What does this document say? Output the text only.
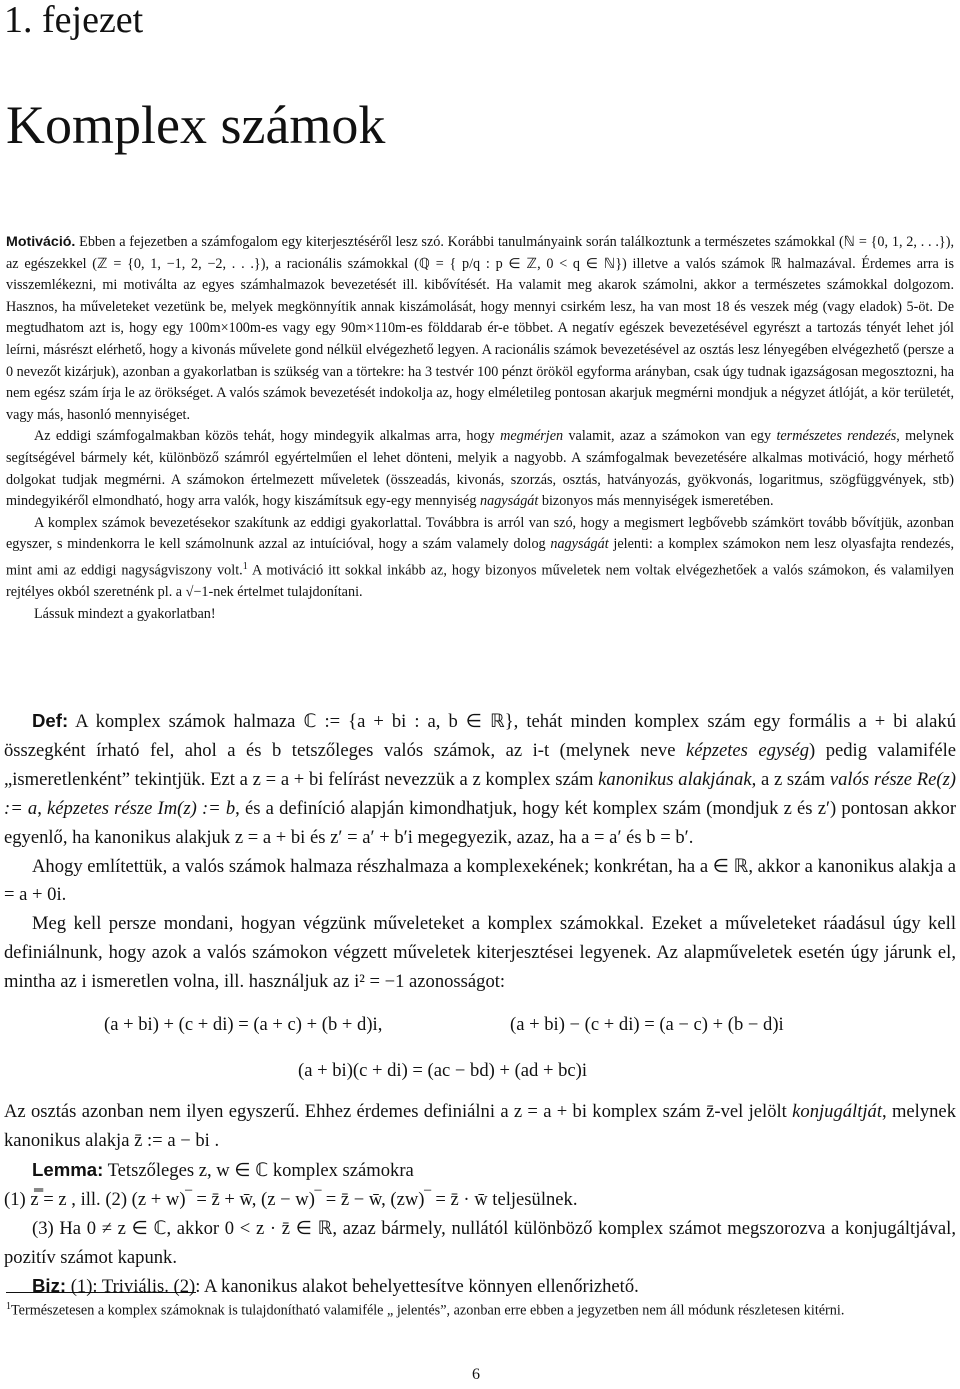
1. fejezet
Komplex számok

Motiváció. Ebben a fejezetben a számfogalom egy kiterjesztéséről lesz szó. Korábbi tanulmányaink során találkoztunk a természetes számokkal (ℕ = {0, 1, 2, . . .}), az egészekkel (ℤ = {0, 1, −1, 2, −2, . . .}), a racionális számokkal (ℚ = { p/q : p ∈ ℤ, 0 < q ∈ ℕ}) illetve a valós számok ℝ halmazával. Érdemes arra is visszemlékezni, mi motiválta az egyes számhalmazok bevezetését ill. kibővítését. Ha valamit meg akarok számolni, akkor a természetes számokkal dolgozom. Hasznos, ha műveleteket vezetünk be, melyek megkönnyítik annak kiszámolását, hogy mennyi csirkém lesz, ha van most 18 és veszek még (vagy eladok) 5-öt. De megtudhatom azt is, hogy egy 100m×100m-es vagy egy 90m×110m-es földdarab ér-e többet. A negatív egészek bevezetésével egyrészt a tartozás tényét lehet jól leírni, másrészt elérhető, hogy a kivonás művelete gond nélkül elvégezhető legyen. A racionális számok bevezetésével az osztás lesz lényegében elvégezhető (persze a 0 nevezőt kizárjuk), azonban a gyakorlatban is szükség van a törtekre: ha 3 testvér 100 pénzt örököl egyforma arányban, csak úgy tudnak igazságosan megosztozni, ha nem egész szám írja le az örökséget. A valós számok bevezetését indokolja az, hogy elméletileg pontosan akarjuk megmérni mondjuk a négyzet átlóját, a kör területét, vagy más, hasonló mennyiséget.

Az eddigi számfogalmakban közös tehát, hogy mindegyik alkalmas arra, hogy megmérjen valamit, azaz a számokon van egy természetes rendezés, melynek segítségével bármely két, különböző számról egyértelműen el lehet dönteni, melyik a nagyobb. A számfogalmak bevezetésére alkalmas motiváció, hogy mérhető dolgokat tudjak megmérni. A számokon értelmezett műveletek (összeadás, kivonás, szorzás, osztás, hatványozás, gyökvonás, logaritmus, szögfüggvények, stb) mindegyikéről elmondható, hogy arra valók, hogy kiszámítsuk egy-egy mennyiség nagyságát bizonyos más mennyiségek ismeretében.

A komplex számok bevezetésekor szakítunk az eddigi gyakorlattal. Továbbra is arról van szó, hogy a megismert legbővebb számkört tovább bővítjük, azonban egyszer, s mindenkorra le kell számolnunk azzal az intuícióval, hogy a szám valamely dolog nagyságát jelenti: a komplex számokon nem lesz olyasfajta rendezés, mint ami az eddigi nagyságviszony volt.$^1$ A motiváció itt sokkal inkább az, hogy bizonyos műveletek nem voltak elvégezhetőek a valós számokon, és valamilyen rejtélyes okból szeretnénk pl. a √−1-nek értelmet tulajdonítani.

Lássuk mindezt a gyakorlatban!

Def: A komplex számok halmaza ℂ := {a + bi : a, b ∈ ℝ}, tehát minden komplex szám egy formális a + bi alakú összegként írható fel, ahol a és b tetszőleges valós számok, az i-t (melynek neve képzetes egység) pedig valamiféle „ismeretlenként” tekintjük. Ezt a z = a + bi felírást nevezzük a z komplex szám kanonikus alakjának, a z szám valós része Re(z) := a, képzetes része Im(z) := b, és a definíció alapján kimondhatjuk, hogy két komplex szám (mondjuk z és z′) pontosan akkor egyenlő, ha kanonikus alakjuk z = a + bi és z′ = a′ + b′i megegyezik, azaz, ha a = a′ és b = b′.

Ahogy említettük, a valós számok halmaza részhalmaza a komplexekének; konkrétan, ha a ∈ ℝ, akkor a kanonikus alakja a = a + 0i.

Meg kell persze mondani, hogyan végzünk műveleteket a komplex számokkal. Ezeket a műveleteket ráadásul úgy kell definiálnunk, hogy azok a valós számokon végzett műveletek kiterjesztései legyenek. Az alapműveletek esetén úgy járunk el, mintha az i ismeretlen volna, ill. használjuk az i² = −1 azonosságot:

(a + bi) + (c + di) = (a + c) + (b + d)i,	(a + bi) − (c + di) = (a − c) + (b − d)i
(a + bi)(c + di) = (ac − bd) + (ad + bc)i

Az osztás azonban nem ilyen egyszerű. Ehhez érdemes definiálni a z = a + bi komplex szám z̄-vel jelölt konjugáltját, melynek kanonikus alakja z̄ := a − bi .

Lemma: Tetszőleges z, w ∈ ℂ komplex számokra

(1) z̿ = z , ill. (2) (z + w)‾ = z̄ + w̄, (z − w)‾ = z̄ − w̄, (zw)‾ = z̄ · w̄ teljesülnek.

(3) Ha 0 ≠ z ∈ ℂ, akkor 0 < z · z̄ ∈ ℝ, azaz bármely, nullától különböző komplex számot megszorozva a konjugáltjával, pozitív számot kapunk.

Biz: (1): Triviális. (2): A kanonikus alakot behelyettesítve könnyen ellenőrizhető.

$^1$Természetesen a komplex számoknak is tulajdonítható valamiféle „ jelentés”, azonban erre ebben a jegyzetben nem áll módunk részletesen kitérni.
6
